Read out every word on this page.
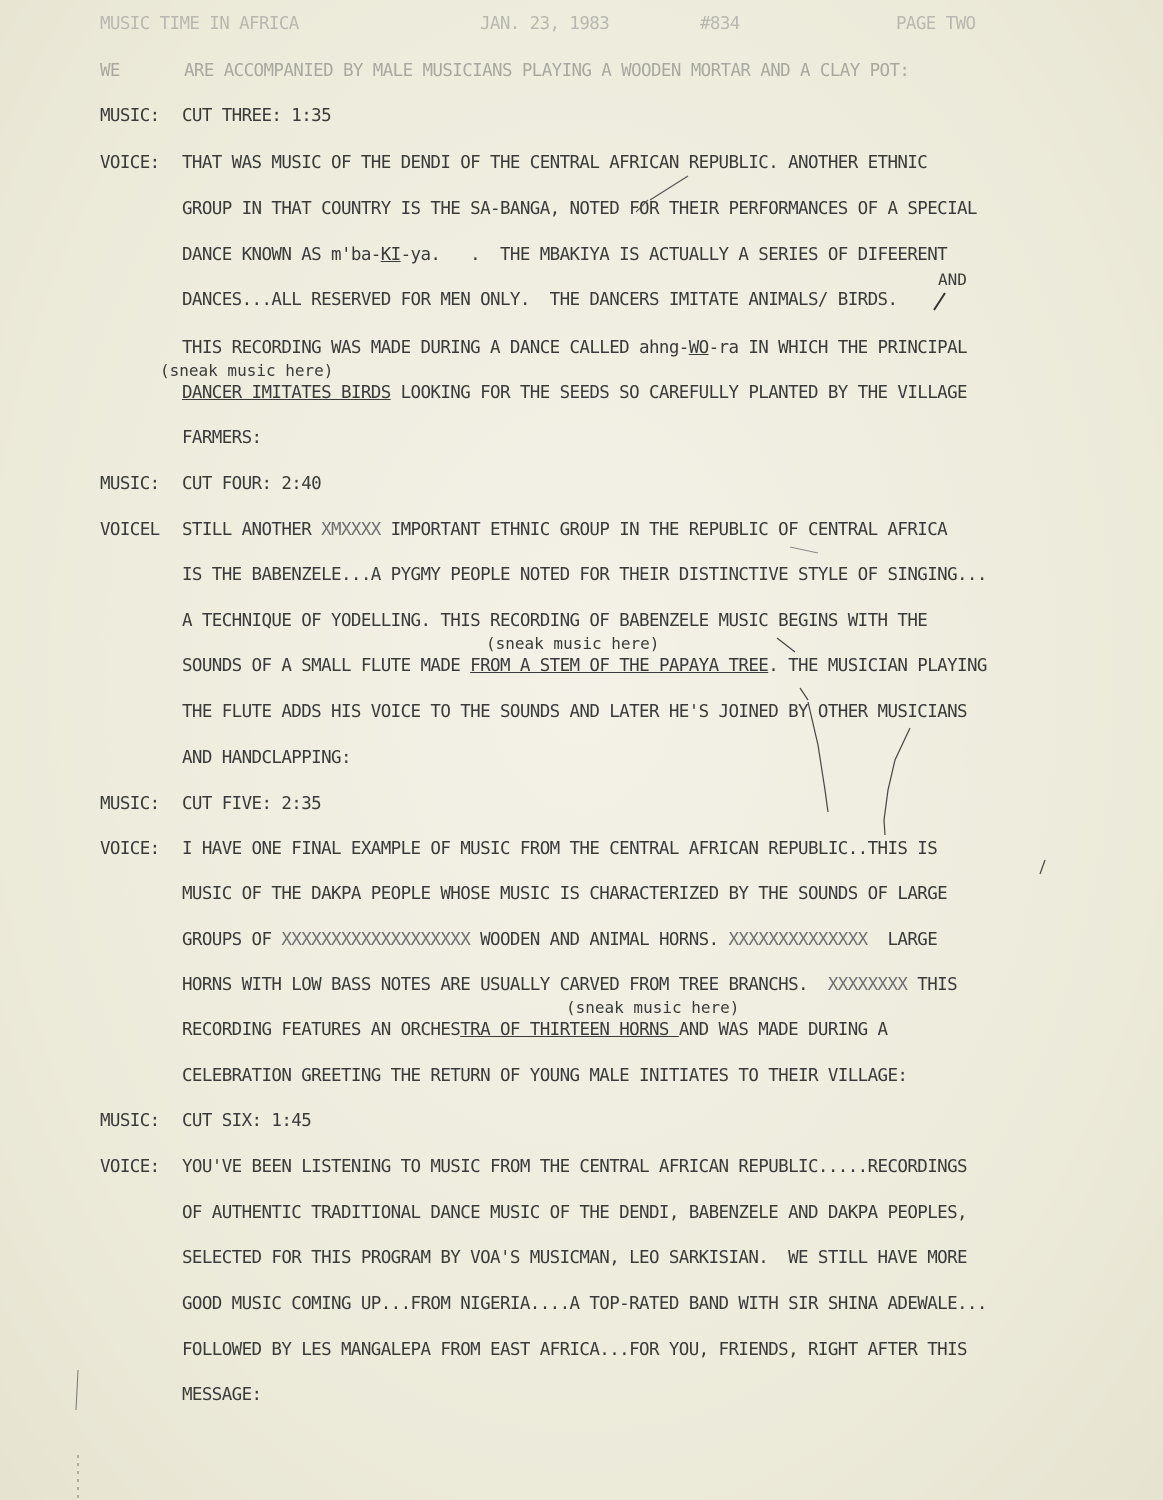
MUSIC TIME IN AFRICA	JAN. 23, 1983	#834	PAGE TWO
WE	ARE ACCOMPANIED BY MALE MUSICIANS PLAYING A WOODEN MORTAR AND A CLAY POT:
MUSIC: CUT THREE: 1:35
VOICE: THAT WAS MUSIC OF THE DENDI OF THE CENTRAL AFRICAN REPUBLIC. ANOTHER ETHNIC
GROUP IN THAT COUNTRY IS THE SA-BANGA, NOTED FOR THEIR PERFORMANCES OF A SPECIAL
DANCE KNOWN AS m'ba-KI-ya.   .  THE MBAKIYA IS ACTUALLY A SERIES OF DIFEERENT
AND
DANCES...ALL RESERVED FOR MEN ONLY.  THE DANCERS IMITATE ANIMALS/ BIRDS.
THIS RECORDING WAS MADE DURING A DANCE CALLED ahng-WO-ra IN WHICH THE PRINCIPAL
(sneak music here)
DANCER IMITATES BIRDS LOOKING FOR THE SEEDS SO CAREFULLY PLANTED BY THE VILLAGE
FARMERS:
MUSIC: CUT FOUR: 2:40
VOICEL STILL ANOTHER XMXXXX IMPORTANT ETHNIC GROUP IN THE REPUBLIC OF CENTRAL AFRICA
IS THE BABENZELE...A PYGMY PEOPLE NOTED FOR THEIR DISTINCTIVE STYLE OF SINGING...
A TECHNIQUE OF YODELLING. THIS RECORDING OF BABENZELE MUSIC BEGINS WITH THE
(sneak music here)
SOUNDS OF A SMALL FLUTE MADE FROM A STEM OF THE PAPAYA TREE. THE MUSICIAN PLAYING
THE FLUTE ADDS HIS VOICE TO THE SOUNDS AND LATER HE'S JOINED BY OTHER MUSICIANS
AND HANDCLAPPING:
MUSIC: CUT FIVE: 2:35
VOICE: I HAVE ONE FINAL EXAMPLE OF MUSIC FROM THE CENTRAL AFRICAN REPUBLIC..THIS IS
MUSIC OF THE DAKPA PEOPLE WHOSE MUSIC IS CHARACTERIZED BY THE SOUNDS OF LARGE
GROUPS OF XXXXXXXXXXXXXXXXXXX WOODEN AND ANIMAL HORNS. XXXXXXXXXXXXXX  LARGE
HORNS WITH LOW BASS NOTES ARE USUALLY CARVED FROM TREE BRANCHS.  XXXXXXXX THIS
(sneak music here)
RECORDING FEATURES AN ORCHESTRA OF THIRTEEN HORNS AND WAS MADE DURING A
CELEBRATION GREETING THE RETURN OF YOUNG MALE INITIATES TO THEIR VILLAGE:
MUSIC: CUT SIX: 1:45
VOICE: YOU'VE BEEN LISTENING TO MUSIC FROM THE CENTRAL AFRICAN REPUBLIC.....RECORDINGS
OF AUTHENTIC TRADITIONAL DANCE MUSIC OF THE DENDI, BABENZELE AND DAKPA PEOPLES,
SELECTED FOR THIS PROGRAM BY VOA'S MUSICMAN, LEO SARKISIAN.  WE STILL HAVE MORE
GOOD MUSIC COMING UP...FROM NIGERIA....A TOP-RATED BAND WITH SIR SHINA ADEWALE...
FOLLOWED BY LES MANGALEPA FROM EAST AFRICA...FOR YOU, FRIENDS, RIGHT AFTER THIS
MESSAGE:
